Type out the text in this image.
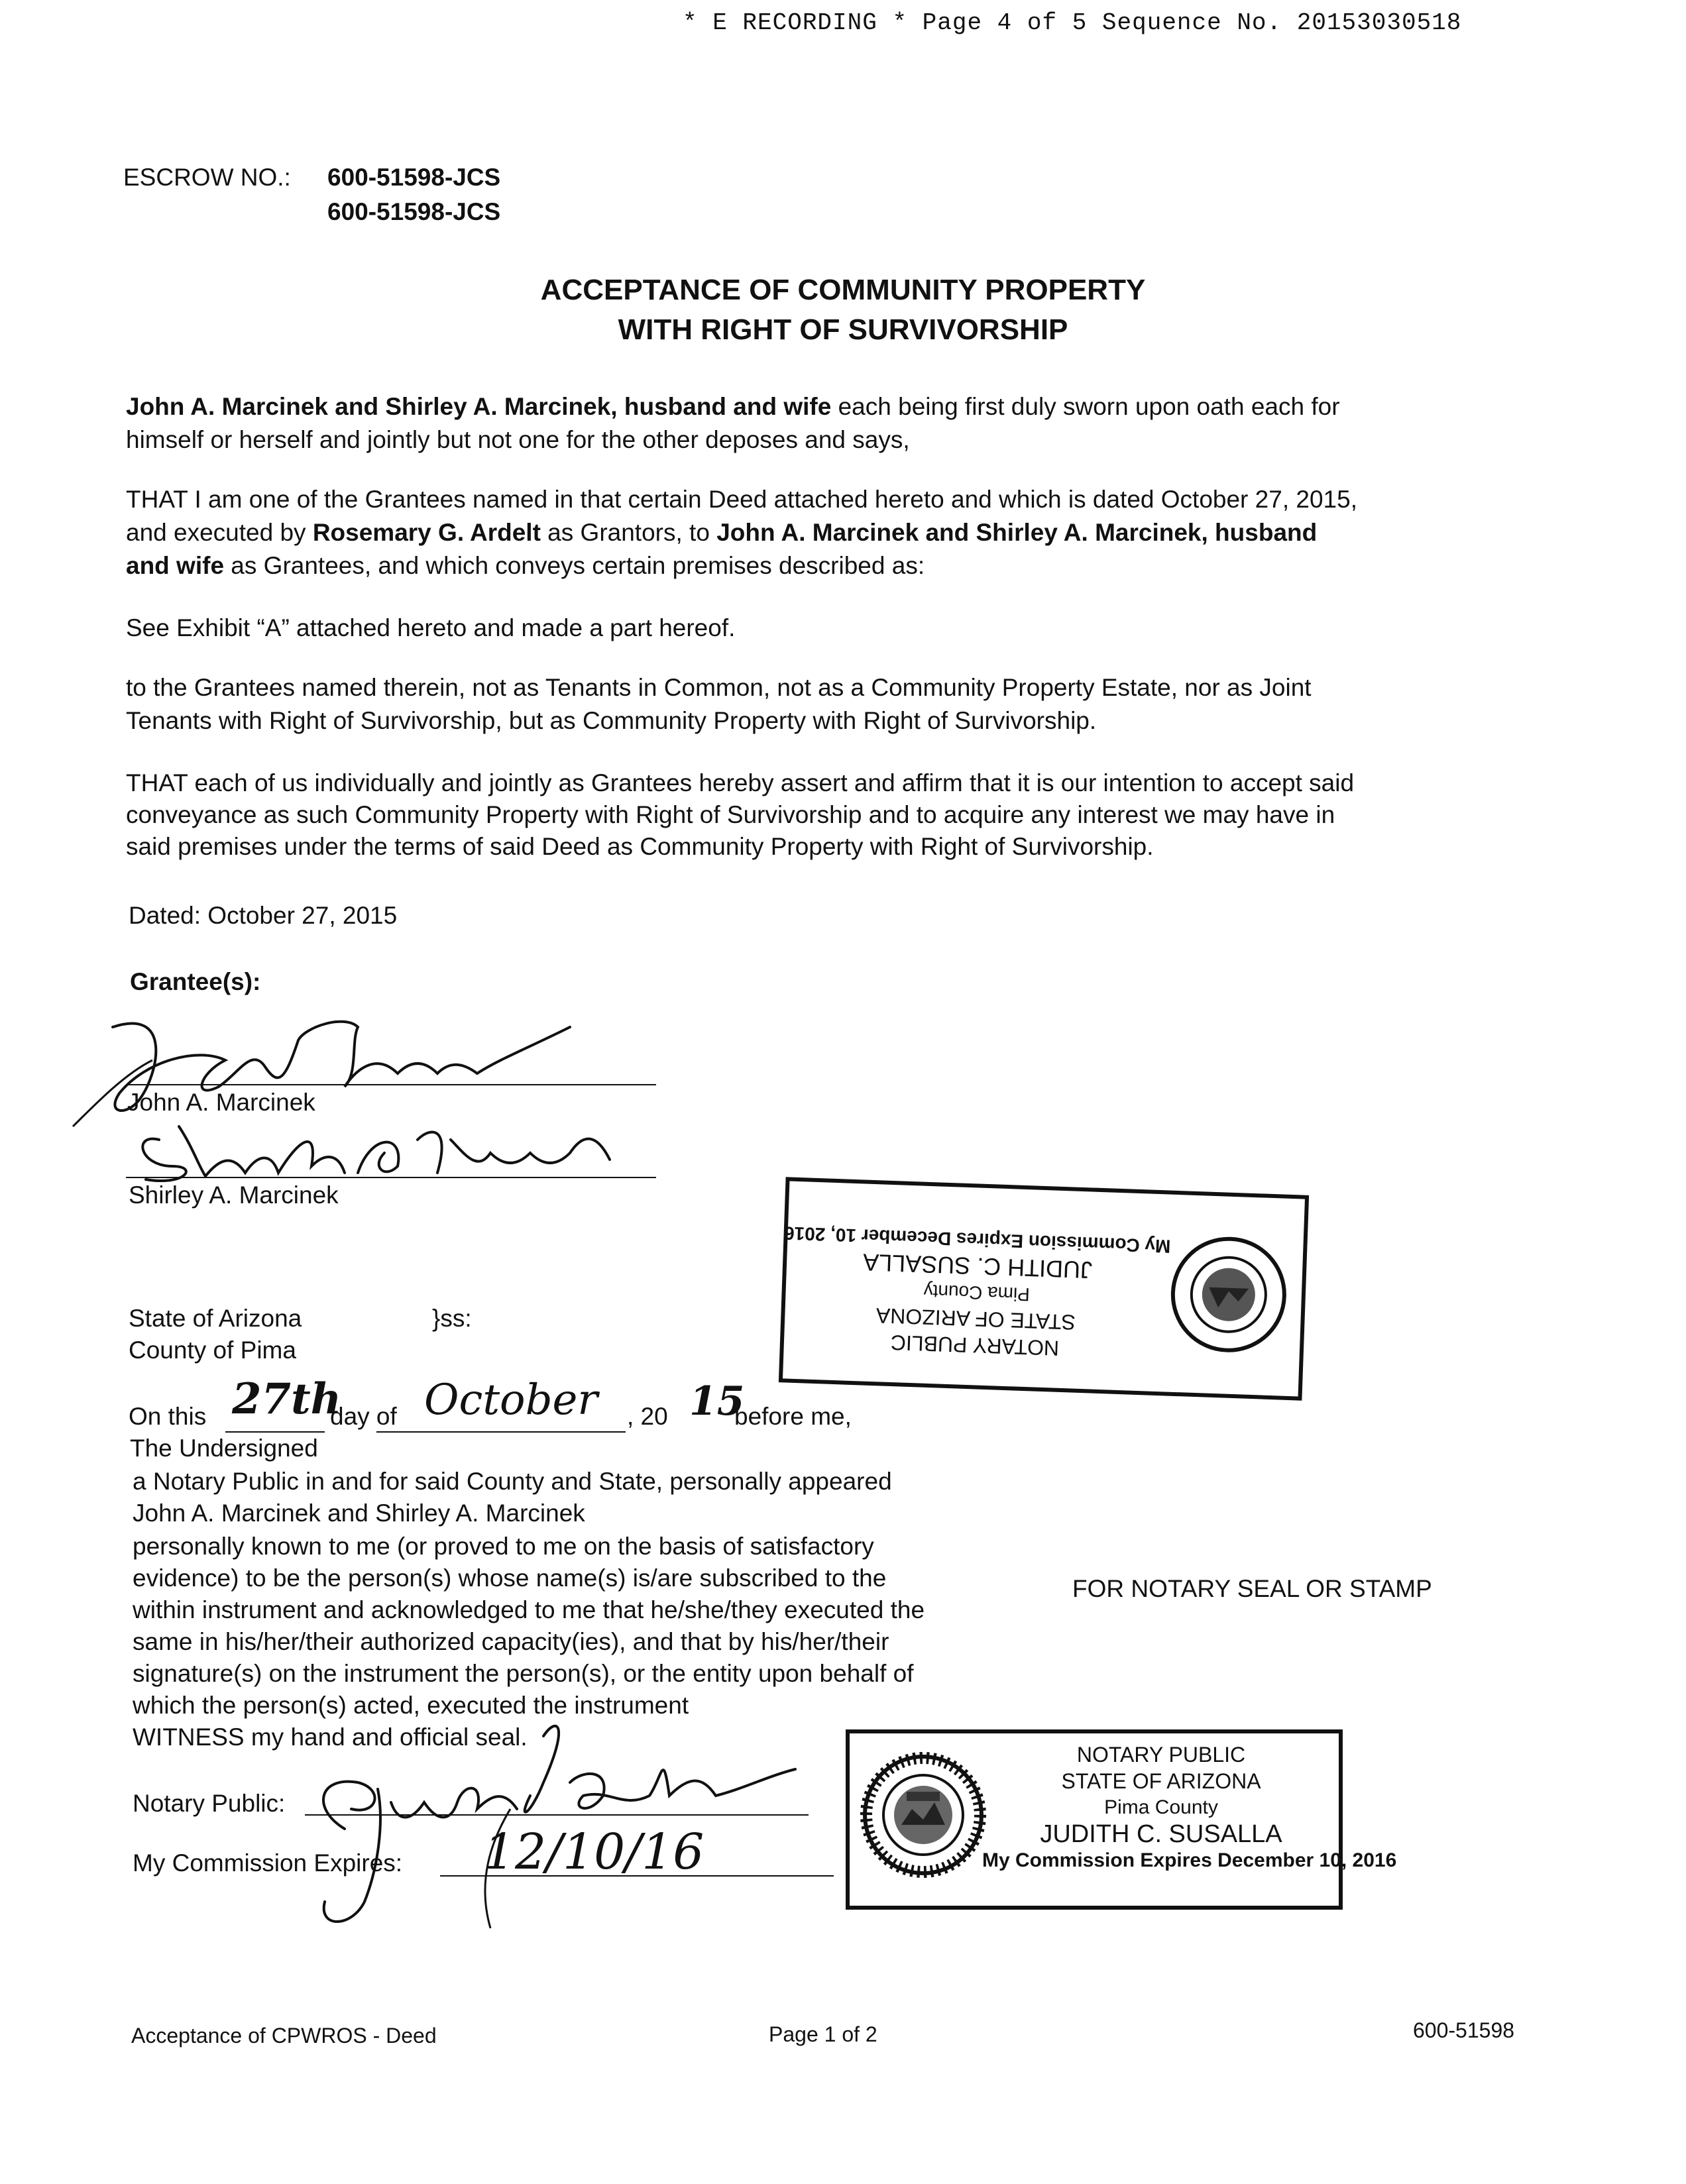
* E RECORDING * Page 4 of 5 Sequence No. 20153030518
ESCROW NO.: 600-51598-JCS
600-51598-JCS
ACCEPTANCE OF COMMUNITY PROPERTY
WITH RIGHT OF SURVIVORSHIP
John A. Marcinek and Shirley A. Marcinek, husband and wife each being first duly sworn upon oath each for
himself or herself and jointly but not one for the other deposes and says,
THAT I am one of the Grantees named in that certain Deed attached hereto and which is dated October 27, 2015,
and executed by Rosemary G. Ardelt as Grantors, to John A. Marcinek and Shirley A. Marcinek, husband
and wife as Grantees, and which conveys certain premises described as:
See Exhibit “A” attached hereto and made a part hereof.
to the Grantees named therein, not as Tenants in Common, not as a Community Property Estate, nor as Joint
Tenants with Right of Survivorship, but as Community Property with Right of Survivorship.
THAT each of us individually and jointly as Grantees hereby assert and affirm that it is our intention to accept said
conveyance as such Community Property with Right of Survivorship and to acquire any interest we may have in
said premises under the terms of said Deed as Community Property with Right of Survivorship.
Dated: October 27, 2015
Grantee(s):
John A. Marcinek
Shirley A. Marcinek
NOTARY PUBLIC
STATE OF ARIZONA
Pima County
JUDITH C. SUSALLA
My Commission Expires December 10, 2016
State of Arizona
County of Pima
}ss:
On this 27th
day of October , 20 15
before me,
The Undersigned
a Notary Public in and for said County and State, personally appeared
John A. Marcinek and Shirley A. Marcinek
personally known to me (or proved to me on the basis of satisfactory
evidence) to be the person(s) whose name(s) is/are subscribed to the
within instrument and acknowledged to me that he/she/they executed the
same in his/her/their authorized capacity(ies), and that by his/her/their
signature(s) on the instrument the person(s), or the entity upon behalf of
which the person(s) acted, executed the instrument
WITNESS my hand and official seal.
FOR NOTARY SEAL OR STAMP
Notary Public:
My Commission Expires: 12/10/16
NOTARY PUBLIC
STATE OF ARIZONA
Pima County
JUDITH C. SUSALLA
My Commission Expires December 10, 2016
Acceptance of CPWROS - Deed	Page 1 of 2	600-51598
